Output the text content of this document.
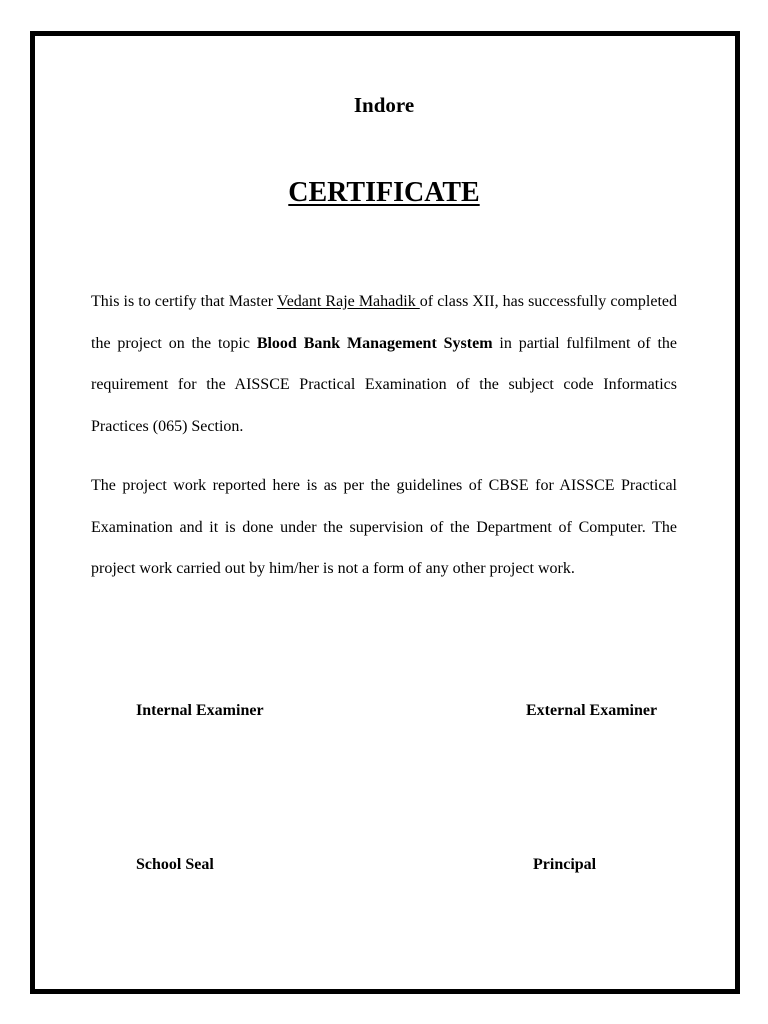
Indore
CERTIFICATE

This is to certify that Master Vedant Raje Mahadik of class XII, has successfully completed the project on the topic Blood Bank Management System in partial fulfilment of the requirement for the AISSCE Practical Examination of the subject code Informatics Practices (065) Section.

The project work reported here is as per the guidelines of CBSE for AISSCE Practical Examination and it is done under the supervision of the Department of Computer. The project work carried out by him/her is not a form of any other project work.

Internal Examiner	External Examiner
School Seal	Principal
